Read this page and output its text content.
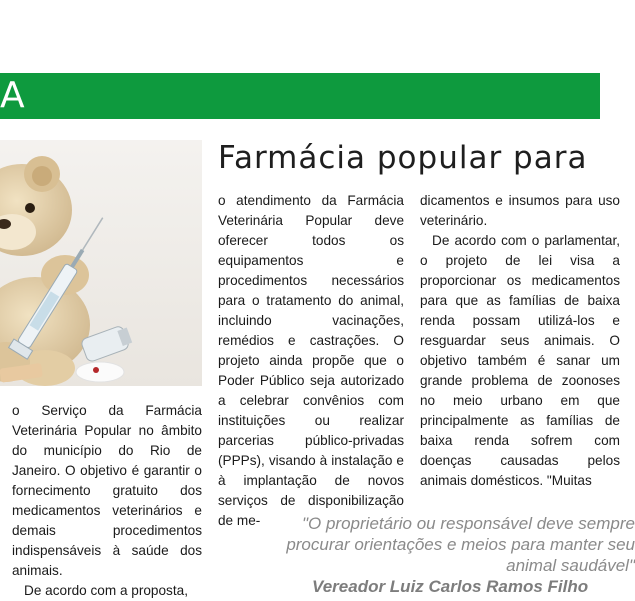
A
Farmácia popular para

o Serviço da Farmácia Veterinária Popular no âmbito do município do Rio de Janeiro. O objetivo é garantir o fornecimento gratuito dos medicamentos veterinários e demais procedimentos indispensáveis à saúde dos animais.

De acordo com a proposta,

o atendimento da Farmácia Veterinária Popular deve oferecer todos os equipamentos e procedimentos necessários para o tratamento do animal, incluindo vacinações, remédios e castrações. O projeto ainda propõe que o Poder Público seja autorizado a celebrar convênios com instituições ou realizar parcerias público-privadas (PPPs), visando à instalação e à implantação de novos serviços de disponibilização de me-

dicamentos e insumos para uso veterinário.

De acordo com o parlamentar, o projeto de lei visa a proporcionar os medicamentos para que as famílias de baixa renda possam utilizá-los e resguardar seus animais. O objetivo também é sanar um grande problema de zoonoses no meio urbano em que principalmente as famílias de baixa renda sofrem com doenças causadas pelos animais domésticos. "Muitas

"O proprietário ou responsável deve sempre
procurar orientações e meios para manter seu
animal saudável"
Vereador Luiz Carlos Ramos Filho
